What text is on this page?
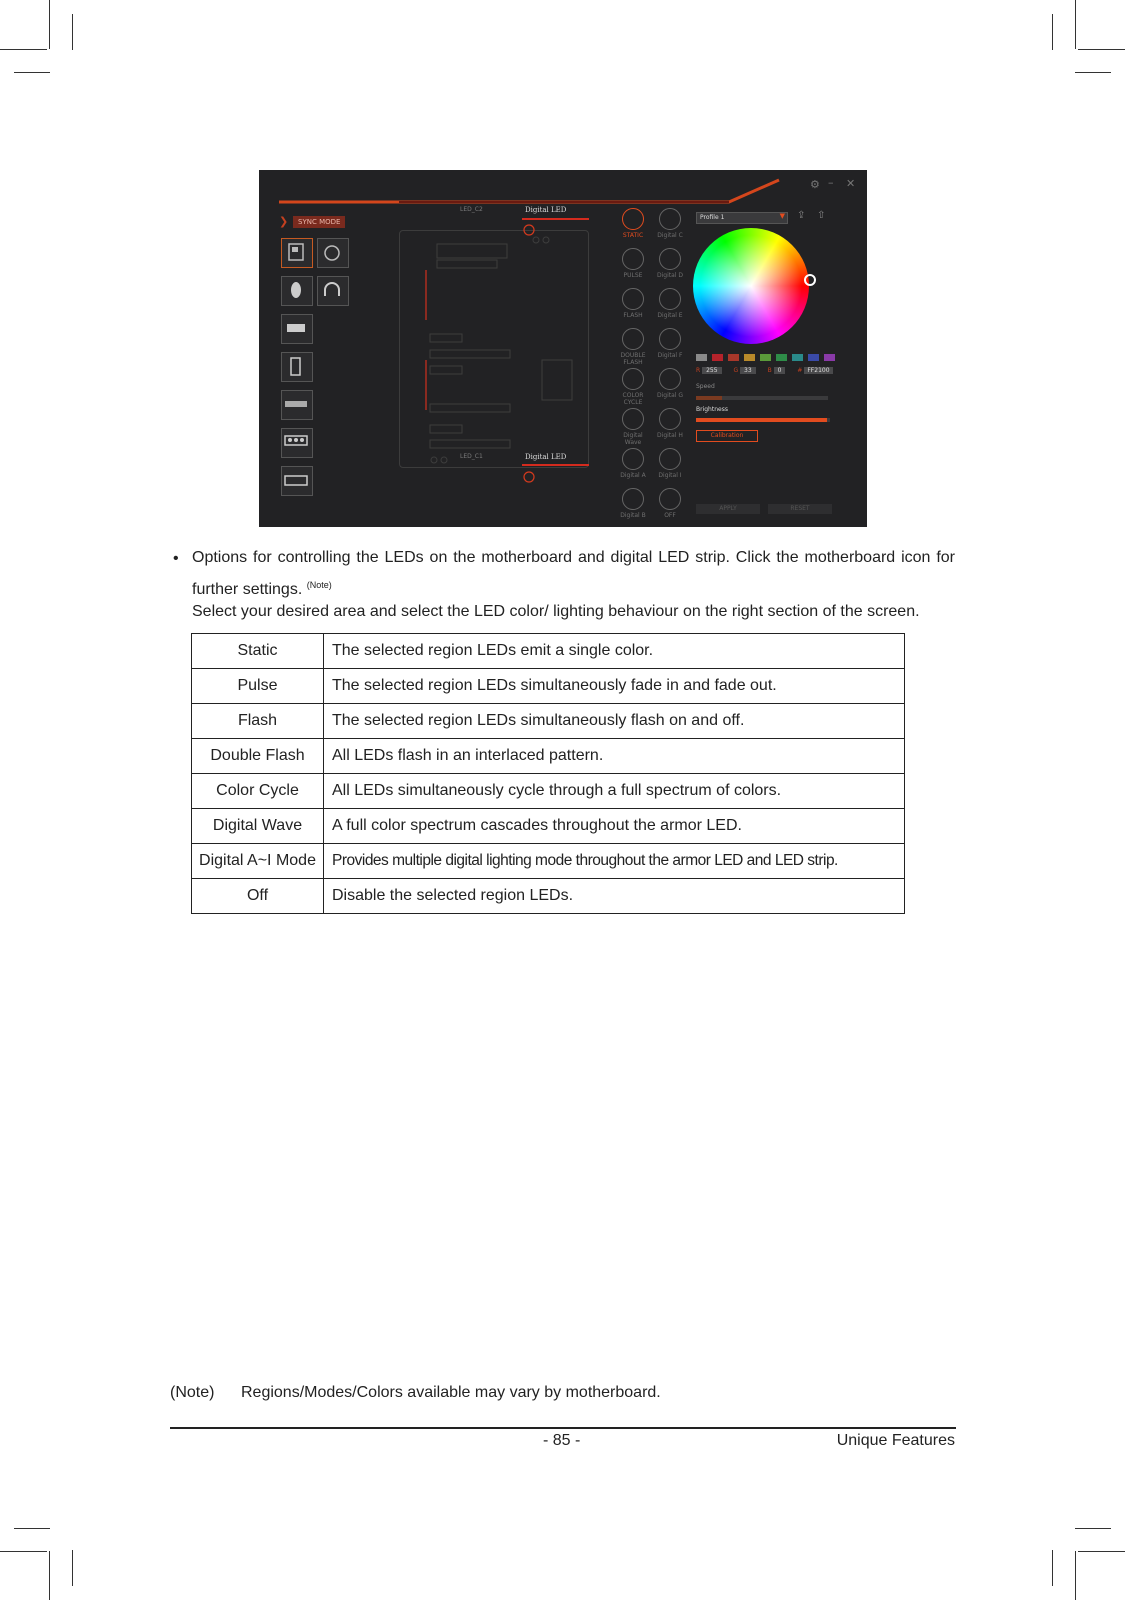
⚙ – ✕
❯	SYNC MODE
LED_C2	Digital LED
LED_C1	Digital LED
STATIC	Digital C
PULSE	Digital D
FLASH	Digital E
DOUBLE FLASH
Digital F
COLOR CYCLE
Digital G
Digital Wave
Digital H
Digital A	Digital I
Digital B	OFF
Profile 1	▼ ⇪ ⇧
R 255	G 33	B 0	# FF2100
Speed
Brightness
Calibration
APPLY	RESET
• Options for controlling the LEDs on the motherboard and digital LED strip. Click the motherboard icon for
further settings. $^{(Note)}$
Select your desired area and select the LED color/ lighting behaviour on the right section of the screen.
Static	The selected region LEDs emit a single color.
Pulse	The selected region LEDs simultaneously fade in and fade out.
Flash	The selected region LEDs simultaneously flash on and off.
Double Flash	All LEDs flash in an interlaced pattern.
Color Cycle	All LEDs simultaneously cycle through a full spectrum of colors.
Digital Wave	A full color spectrum cascades throughout the armor LED.
Digital A~I Mode	Provides multiple digital lighting mode throughout the armor LED and LED strip.
Off	Disable the selected region LEDs.
(Note) Regions/Modes/Colors available may vary by motherboard.
- 85 -	Unique Features
